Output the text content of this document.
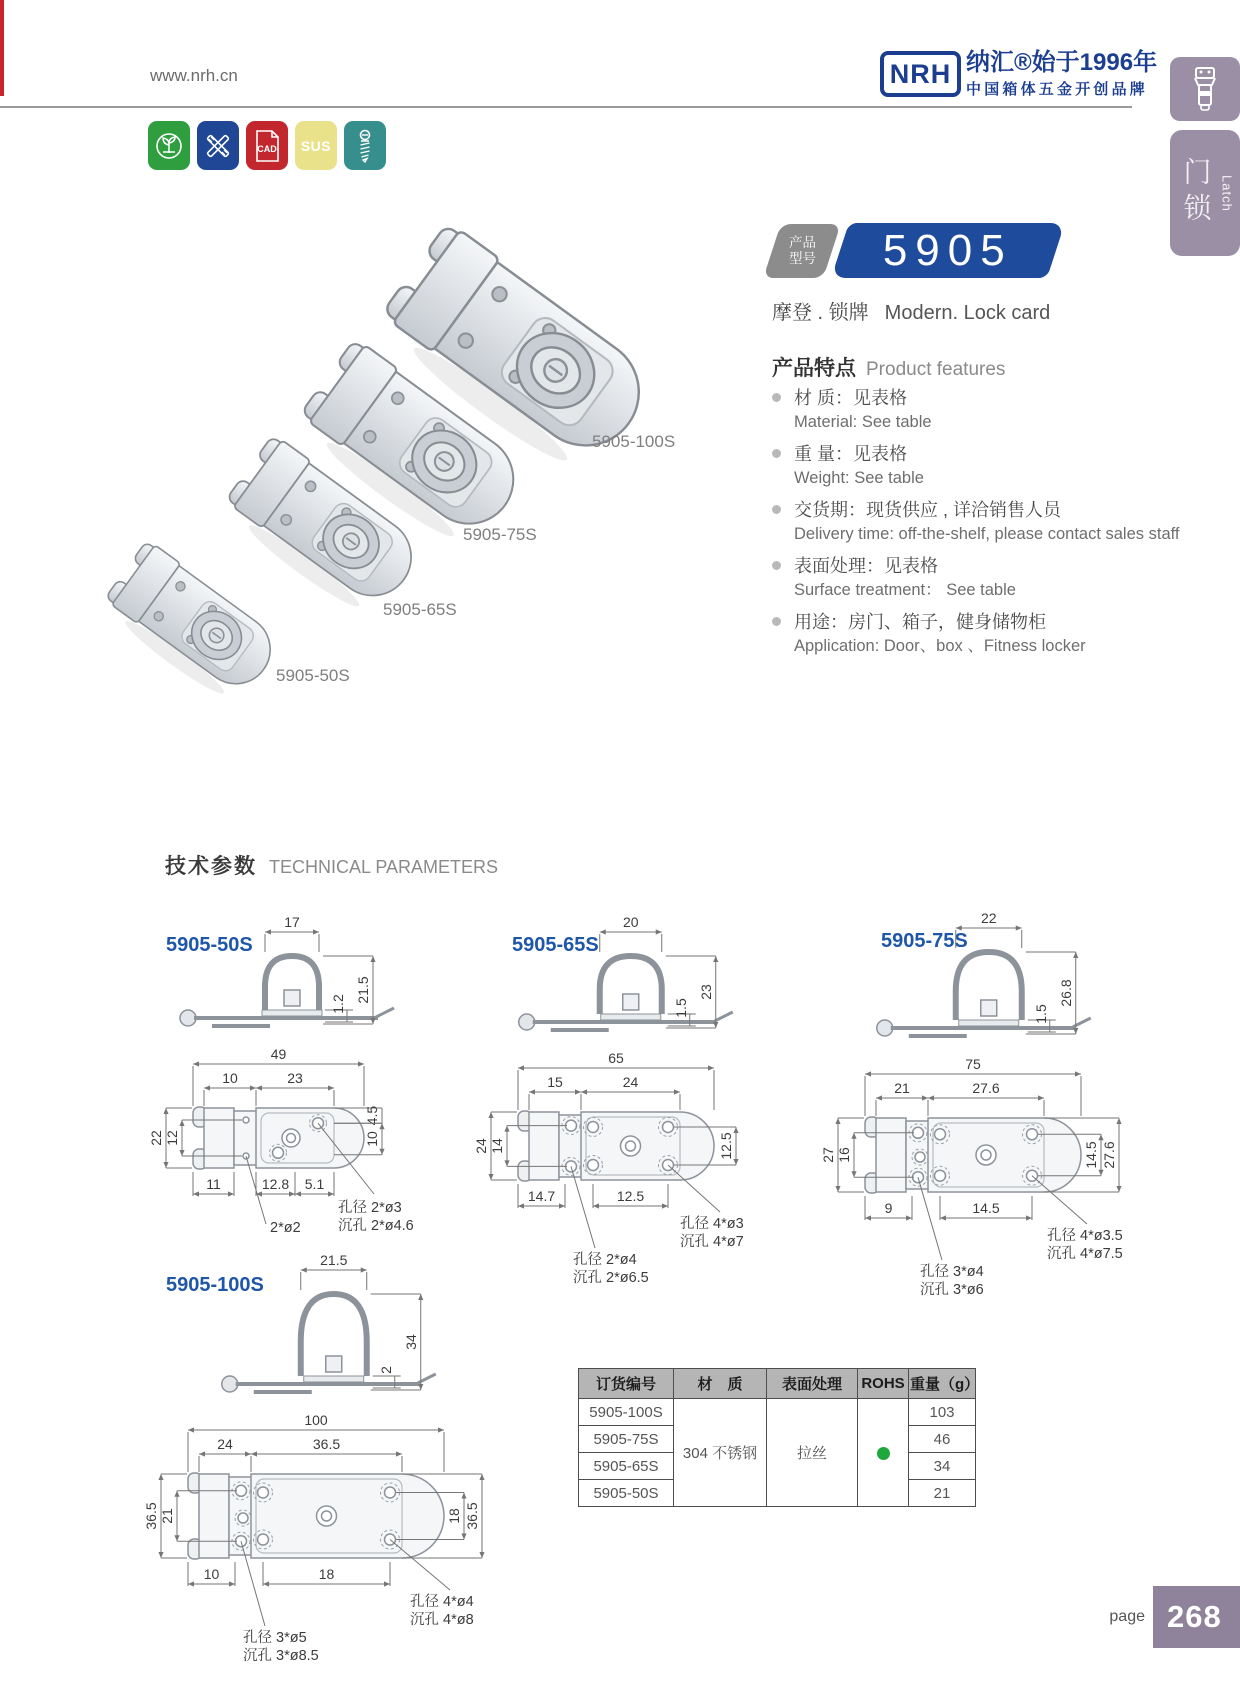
www.nrh.cn	NRH 纳汇®始于1996年
中国箱体五金开创品牌
门锁 Latch
CAD SUS
5905-100S
5905-75S
5905-65S
5905-50S
产品
型号 5905
摩登 . 锁牌 Modern. Lock card
产品特点 Product features
材 质：见表格
Material: See table
重 量：见表格
Weight: See table
交货期：现货供应 , 详洽销售人员
Delivery time: off-the-shelf, please contact sales staff
表面处理：见表格
Surface treatment： See table
用途：房门、箱子，健身储物柜
Application: Door、box 、Fitness locker
技术参数 TECHNICAL PARAMETERS
5905-50S	5905-65S	5905-75S
5905-100S
17
21.5
1.2
49
10	23
22 12
4.5
10
11	12.8 5.1
孔径 2*ø3
沉孔 2*ø4.6
2*ø2
20
23
1.5
65
15	24
24 14	12.5
14.7	12.5
孔径 4*ø3
沉孔 4*ø7
孔径 2*ø4
沉孔 2*ø6.5
22
26.8
1.5
75
21	27.6
27 16	14.5 27.6
9	14.5
孔径 4*ø3.5
沉孔 4*ø7.5
孔径 3*ø4
沉孔 3*ø6
21.5
34
2
100
24	36.5
36.5 21	18 36.5
10	18
孔径 4*ø4
沉孔 4*ø8
孔径 3*ø5
沉孔 3*ø8.5
订货编号	材　质	表面处理	ROHS	重量（g）
5905-100S	304 不锈钢	拉丝		103
5905-75S				46
5905-65S				34
5905-50S				21
page 268
